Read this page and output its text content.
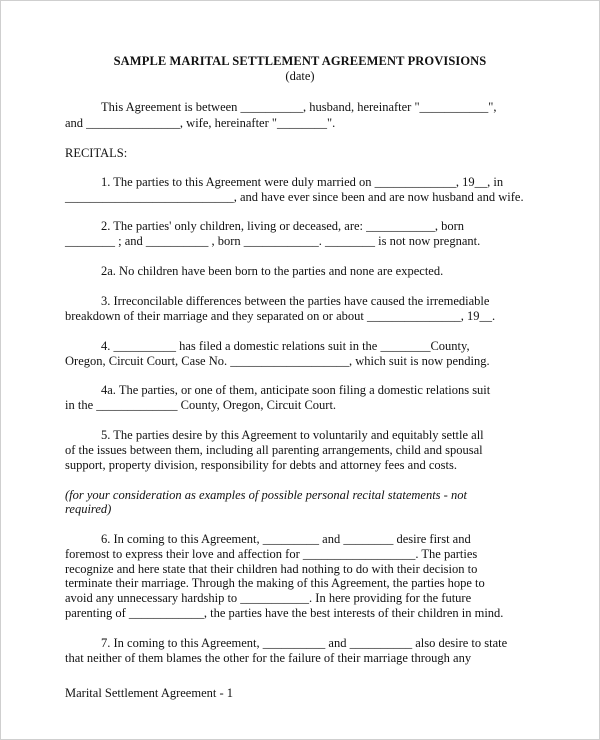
SAMPLE MARITAL SETTLEMENT AGREEMENT PROVISIONS
(date)
This Agreement is between __________, husband, hereinafter "___________",
and _______________, wife, hereinafter "________".
RECITALS:
1. The parties to this Agreement were duly married on _____________, 19__, in
___________________________, and have ever since been and are now husband and wife.
2. The parties' only children, living or deceased, are: ___________, born
________ ; and __________ , born ____________. ________ is not now pregnant.
2a. No children have been born to the parties and none are expected.
3. Irreconcilable differences between the parties have caused the irremediable
breakdown of their marriage and they separated on or about _______________, 19__.
4. __________ has filed a domestic relations suit in the ________County,
Oregon, Circuit Court, Case No. ___________________, which suit is now pending.
4a. The parties, or one of them, anticipate soon filing a domestic relations suit
in the _____________ County, Oregon, Circuit Court.
5. The parties desire by this Agreement to voluntarily and equitably settle all
of the issues between them, including all parenting arrangements, child and spousal
support, property division, responsibility for debts and attorney fees and costs.
(for your consideration as examples of possible personal recital statements - not
required)
6. In coming to this Agreement, _________ and ________ desire first and
foremost to express their love and affection for __________________. The parties
recognize and here state that their children had nothing to do with their decision to
terminate their marriage. Through the making of this Agreement, the parties hope to
avoid any unnecessary hardship to ___________. In here providing for the future
parenting of ____________, the parties have the best interests of their children in mind.
7. In coming to this Agreement, __________ and __________ also desire to state
that neither of them blames the other for the failure of their marriage through any
Marital Settlement Agreement - 1
